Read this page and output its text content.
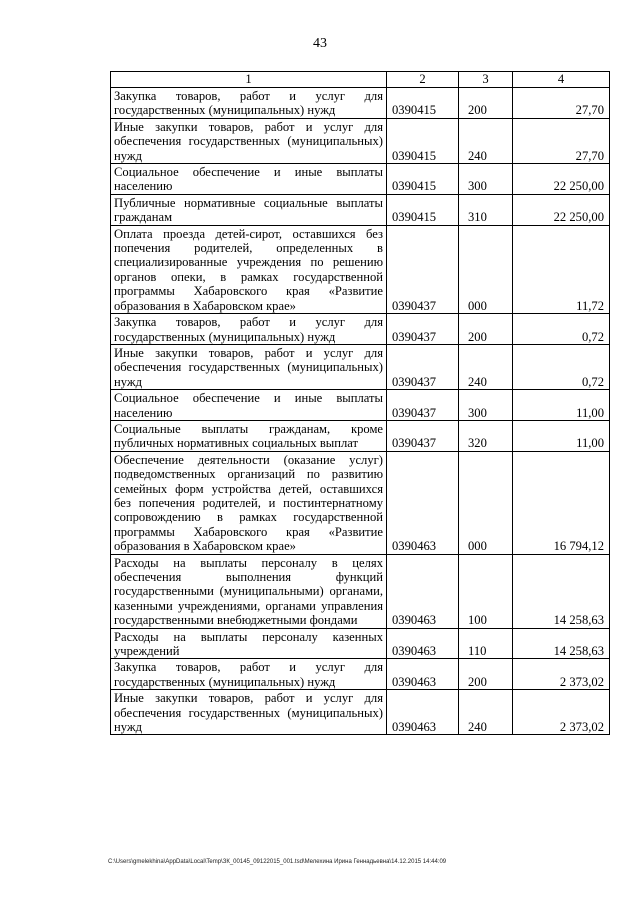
43
1	2	3	4
Закупка товаров, работ и услуг для государственных (муниципальных) нужд	0390415	200	27,70
Иные закупки товаров, работ и услуг для обеспечения государственных (муниципальных) нужд	0390415	240	27,70
Социальное обеспечение и иные выплаты населению	0390415	300	22 250,00
Публичные нормативные социальные выплаты гражданам	0390415	310	22 250,00
Оплата проезда детей-сирот, оставшихся без попечения родителей, определенных в специализированные учреждения по решению органов опеки, в рамках государственной программы Хабаровского края «Развитие образования в Хабаровском крае»	0390437	000	11,72
Закупка товаров, работ и услуг для государственных (муниципальных) нужд	0390437	200	0,72
Иные закупки товаров, работ и услуг для обеспечения государственных (муниципальных) нужд	0390437	240	0,72
Социальное обеспечение и иные выплаты населению	0390437	300	11,00
Социальные выплаты гражданам, кроме публичных нормативных социальных выплат	0390437	320	11,00
Обеспечение деятельности (оказание услуг) подведомственных организаций по развитию семейных форм устройства детей, оставшихся без попечения родителей, и постинтернатному сопровождению в рамках государственной программы Хабаровского края «Развитие образования в Хабаровском крае»	0390463	000	16 794,12
Расходы на выплаты персоналу в целях обеспечения выполнения функций государственными (муниципальными) органами, казенными учреждениями, органами управления государственными внебюджетными фондами	0390463	100	14 258,63
Расходы на выплаты персоналу казенных учреждений	0390463	110	14 258,63
Закупка товаров, работ и услуг для государственных (муниципальных) нужд	0390463	200	2 373,02
Иные закупки товаров, работ и услуг для обеспечения государственных (муниципальных) нужд	0390463	240	2 373,02
C:\Users\gmelekhina\AppData\Local\Temp\ЗК_00145_09122015_001.tsd\Мелехина Ирина Геннадьевна\14.12.2015 14:44:09
